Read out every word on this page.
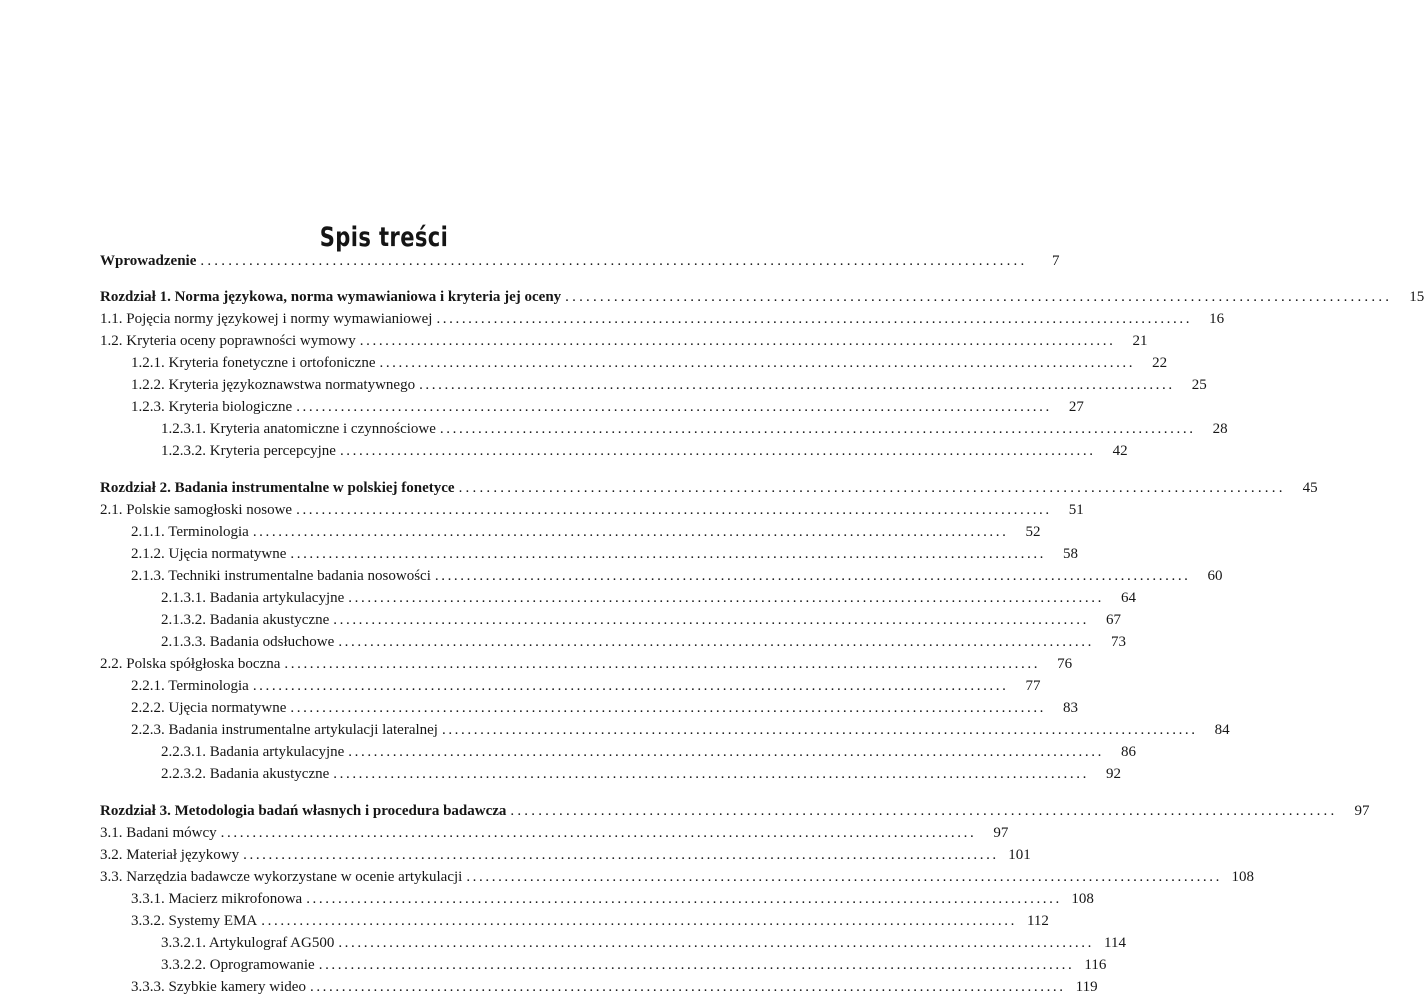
Spis treści
Wprowadzenie .......................................................................................................................	7
Rozdział 1. Norma językowa, norma wymawianiowa i kryteria jej oceny .......................................................................................................................	15
1.1. Pojęcia normy językowej i normy wymawianiowej .......................................................................................................................	16
1.2. Kryteria oceny poprawności wymowy .......................................................................................................................	21
1.2.1. Kryteria fonetyczne i ortofoniczne .......................................................................................................................	22
1.2.2. Kryteria językoznawstwa normatywnego .......................................................................................................................	25
1.2.3. Kryteria biologiczne .......................................................................................................................	27
1.2.3.1. Kryteria anatomiczne i czynnościowe .......................................................................................................................	28
1.2.3.2. Kryteria percepcyjne .......................................................................................................................	42
Rozdział 2. Badania instrumentalne w polskiej fonetyce .......................................................................................................................	45
2.1. Polskie samogłoski nosowe .......................................................................................................................	51
2.1.1. Terminologia .......................................................................................................................	52
2.1.2. Ujęcia normatywne .......................................................................................................................	58
2.1.3. Techniki instrumentalne badania nosowości .......................................................................................................................	60
2.1.3.1. Badania artykulacyjne .......................................................................................................................	64
2.1.3.2. Badania akustyczne .......................................................................................................................	67
2.1.3.3. Badania odsłuchowe .......................................................................................................................	73
2.2. Polska spółgłoska boczna .......................................................................................................................	76
2.2.1. Terminologia .......................................................................................................................	77
2.2.2. Ujęcia normatywne .......................................................................................................................	83
2.2.3. Badania instrumentalne artykulacji lateralnej .......................................................................................................................	84
2.2.3.1. Badania artykulacyjne .......................................................................................................................	86
2.2.3.2. Badania akustyczne .......................................................................................................................	92
Rozdział 3. Metodologia badań własnych i procedura badawcza .......................................................................................................................	97
3.1. Badani mówcy .......................................................................................................................	97
3.2. Materiał językowy ....................................................................................................................... 101
3.3. Narzędzia badawcze wykorzystane w ocenie artykulacji ....................................................................................................................... 108
3.3.1. Macierz mikrofonowa ....................................................................................................................... 108
3.3.2. Systemy EMA ....................................................................................................................... 112
3.3.2.1. Artykulograf AG500 ....................................................................................................................... 114
3.3.2.2. Oprogramowanie ....................................................................................................................... 116
3.3.3. Szybkie kamery wideo ....................................................................................................................... 119
